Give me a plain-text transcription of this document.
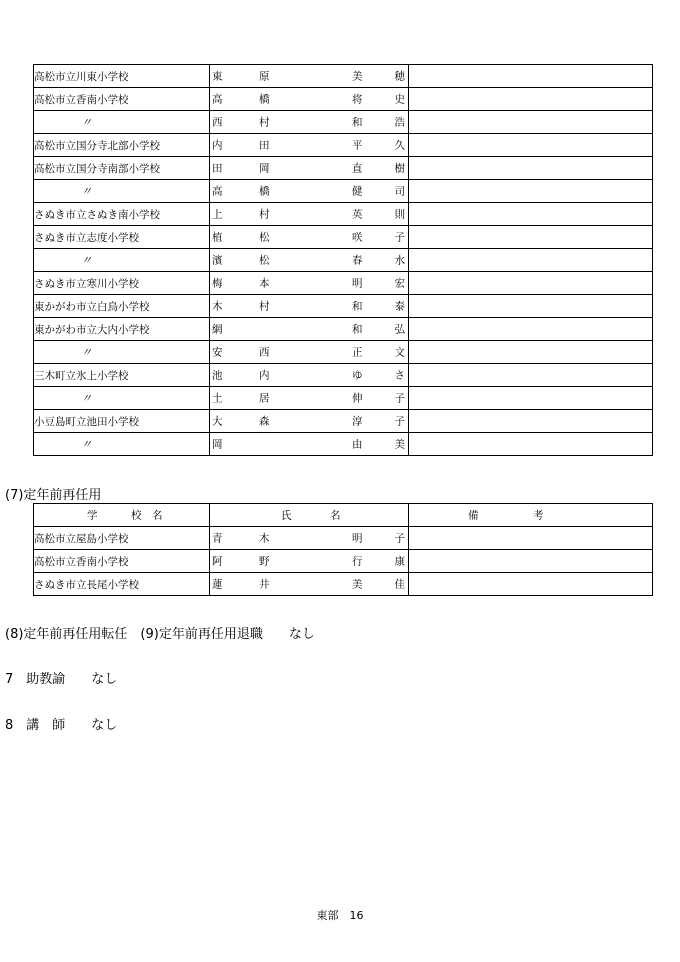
高松市立川東小学校	東 原 美 穂	

高松市立香南小学校	高 橋 将 史	

〃	西 村 和 浩	

高松市立国分寺北部小学校	内 田 平 久	

高松市立国分寺南部小学校	田 岡 直 樹	

〃	高 橋 健 司	

さぬき市立さぬき南小学校	上 村 英 則	

さぬき市立志度小学校	植 松 咲 子	

〃	濱 松 春 水	

さぬき市立寒川小学校	梅 本 明 宏	

東かがわ市立白鳥小学校	木 村 和 泰	

東かがわ市立大内小学校	網 和 弘	

〃	安 西 正 文	

三木町立氷上小学校	池 内 ゆ さ	

〃	土 居 伸 子	

小豆島町立池田小学校	大 森 淳 子	

〃	岡 由 美	

(7)定年前再任用
学 校 名	氏 名	備 考

高松市立屋島小学校	青 木 明 子	

高松市立香南小学校	阿 野 行 康	

さぬき市立長尾小学校	蓮 井 美 佳	

(8)定年前再任用転任　(9)定年前再任用退職　　なし
7　助教諭　　なし
8　講　師　　なし
東部　16
